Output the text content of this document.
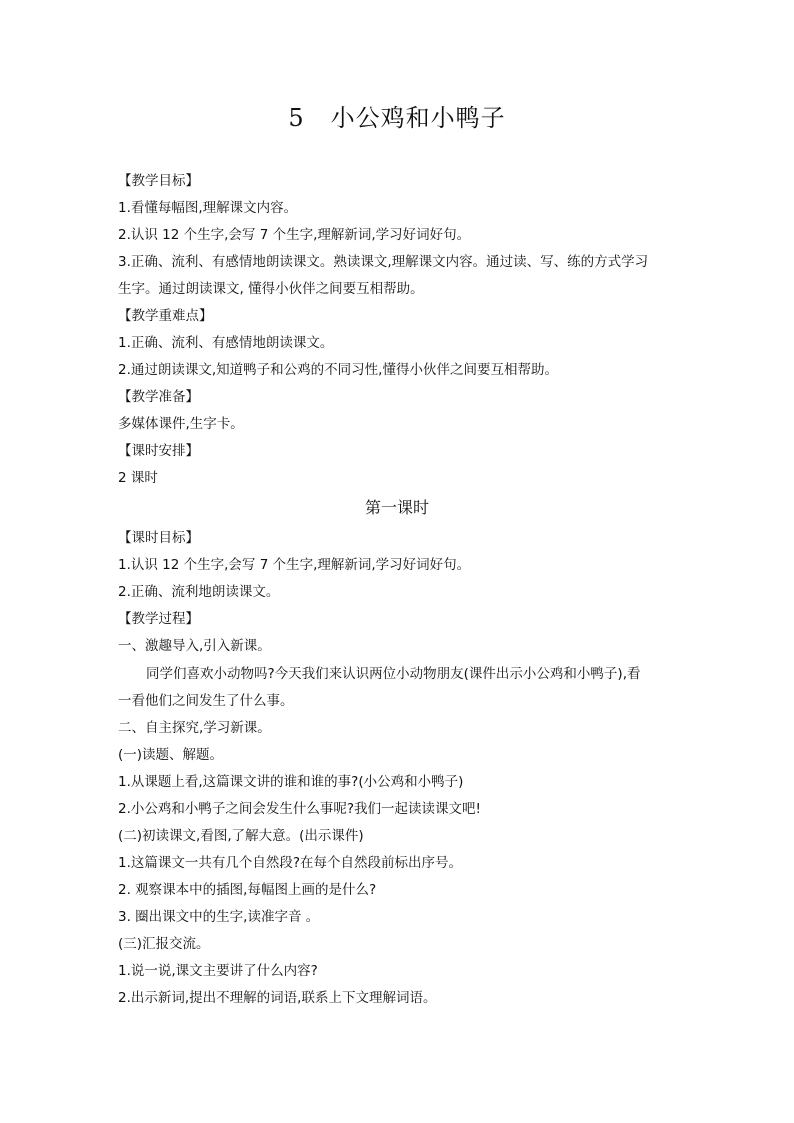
5   小公鸡和小鸭子
【教学目标】
1.看懂每幅图,理解课文内容。
2.认识 12 个生字,会写 7 个生字,理解新词,学习好词好句。
3.正确、流利、有感情地朗读课文。熟读课文,理解课文内容。通过读、写、练的方式学习
生字。通过朗读课文, 懂得小伙伴之间要互相帮助。
【教学重难点】
1.正确、流利、有感情地朗读课文。
2.通过朗读课文,知道鸭子和公鸡的不同习性,懂得小伙伴之间要互相帮助。
【教学准备】
多媒体课件,生字卡。
【课时安排】
2 课时
第一课时
【课时目标】
1.认识 12 个生字,会写 7 个生字,理解新词,学习好词好句。
2.正确、流利地朗读课文。
【教学过程】
一、激趣导入,引入新课。
同学们喜欢小动物吗?今天我们来认识两位小动物朋友(课件出示小公鸡和小鸭子),看
一看他们之间发生了什么事。
二、自主探究,学习新课。
(一)读题、解题。
1.从课题上看,这篇课文讲的谁和谁的事?(小公鸡和小鸭子)
2.小公鸡和小鸭子之间会发生什么事呢?我们一起读读课文吧!
(二)初读课文,看图,了解大意。(出示课件)
1.这篇课文一共有几个自然段?在每个自然段前标出序号。
2. 观察课本中的插图,每幅图上画的是什么?
3. 圈出课文中的生字,读准字音 。
(三)汇报交流。
1.说一说,课文主要讲了什么内容?
2.出示新词,提出不理解的词语,联系上下文理解词语。
